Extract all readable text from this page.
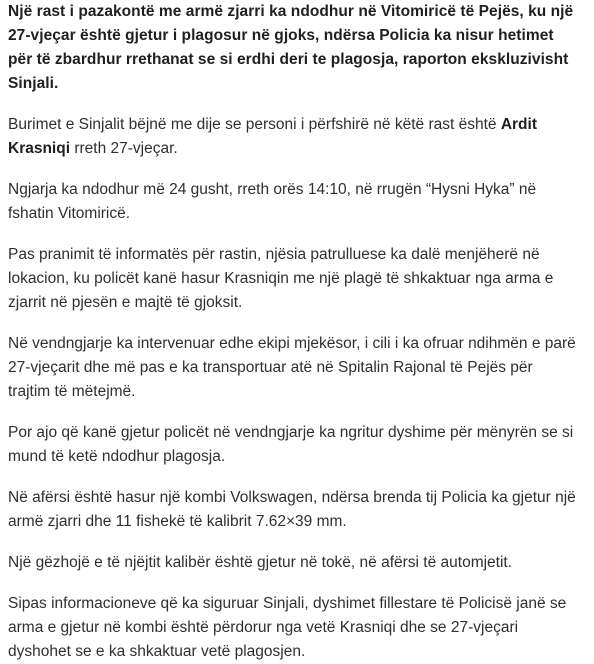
Një rast i pazakontë me armë zjarri ka ndodhur në Vitomiricë të Pejës, ku një 27-vjeçar është gjetur i plagosur në gjoks, ndërsa Policia ka nisur hetimet për të zbardhur rrethanat se si erdhi deri te plagosja, raporton ekskluzivisht Sinjali.

Burimet e Sinjalit bëjnë me dije se personi i përfshirë në këtë rast është Ardit Krasniqi rreth 27-vjeçar.

Ngjarja ka ndodhur më 24 gusht, rreth orës 14:10, në rrugën “Hysni Hyka” në fshatin Vitomiricë.

Pas pranimit të informatës për rastin, njësia patrulluese ka dalë menjëherë në lokacion, ku policët kanë hasur Krasniqin me një plagë të shkaktuar nga arma e zjarrit në pjesën e majtë të gjoksit.

Në vendngjarje ka intervenuar edhe ekipi mjekësor, i cili i ka ofruar ndihmën e parë 27-vjeçarit dhe më pas e ka transportuar atë në Spitalin Rajonal të Pejës për trajtim të mëtejmë.

Por ajo që kanë gjetur policët në vendngjarje ka ngritur dyshime për mënyrën se si mund të ketë ndodhur plagosja.

Në afërsi është hasur një kombi Volkswagen, ndërsa brenda tij Policia ka gjetur një armë zjarri dhe 11 fishekë të kalibrit 7.62×39 mm.

Një gëzhojë e të njëjtit kalibër është gjetur në tokë, në afërsi të automjetit.

Sipas informacioneve që ka siguruar Sinjali, dyshimet fillestare të Policisë janë se arma e gjetur në kombi është përdorur nga vetë Krasniqi dhe se 27-vjeçari dyshohet se e ka shkaktuar vetë plagosjen.
